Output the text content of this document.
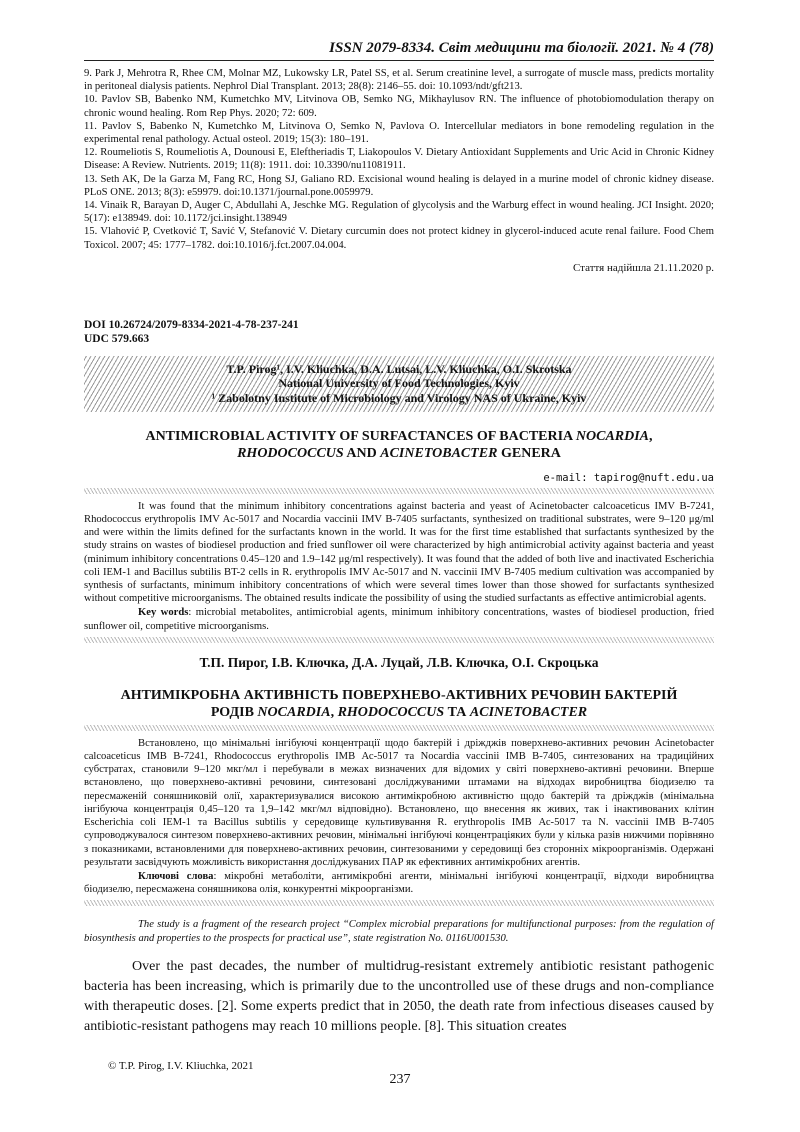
ISSN 2079-8334. Світ медицини та біології. 2021. № 4 (78)

9. Park J, Mehrotra R, Rhee CM, Molnar MZ, Lukowsky LR, Patel SS, et al. Serum creatinine level, a surrogate of muscle mass, predicts mortality in peritoneal dialysis patients. Nephrol Dial Transplant. 2013; 28(8): 2146–55. doi: 10.1093/ndt/gft213.

10. Pavlov SB, Babenko NM, Kumetchko MV, Litvinova OB, Semko NG, Mikhaylusov RN. The influence of photobiomodulation therapy on chronic wound healing. Rom Rep Phys. 2020; 72: 609.

11. Pavlov S, Babenko N, Kumetchko M, Litvinova O, Semko N, Pavlova O. Intercellular mediators in bone remodeling regulation in the experimental renal pathology. Actual osteol. 2019; 15(3): 180–191.

12. Roumeliotis S, Roumeliotis A, Dounousi E, Eleftheriadis T, Liakopoulos V. Dietary Antioxidant Supplements and Uric Acid in Chronic Kidney Disease: A Review. Nutrients. 2019; 11(8): 1911. doi: 10.3390/nu11081911.

13. Seth AK, De la Garza M, Fang RC, Hong SJ, Galiano RD. Excisional wound healing is delayed in a murine model of chronic kidney disease. PLoS ONE. 2013; 8(3): e59979. doi:10.1371/journal.pone.0059979.

14. Vinaik R, Barayan D, Auger C, Abdullahi A, Jeschke MG. Regulation of glycolysis and the Warburg effect in wound healing. JCI Insight. 2020; 5(17): e138949. doi: 10.1172/jci.insight.138949

15. Vlahović P, Cvetković T, Savić V, Stefanović V. Dietary curcumin does not protect kidney in glycerol-induced acute renal failure. Food Chem Toxicol. 2007; 45: 1777–1782. doi:10.1016/j.fct.2007.04.004.

Стаття надійшла 21.11.2020 р.
DOI 10.26724/2079-8334-2021-4-78-237-241
UDC 579.663
T.P. Pirog¹, I.V. Kliuchka, D.A. Lutsai, L.V. Kliuchka, O.I. Skrotska
National University of Food Technologies, Kyiv
¹ Zabolotny Institute of Microbiology and Virology NAS of Ukraine, Kyiv
ANTIMICROBIAL ACTIVITY OF SURFACTANCES OF BACTERIA NOCARDIA,
RHODOCOCCUS AND ACINETOBACTER GENERA
e-mail: tapirog@nuft.edu.ua

It was found that the minimum inhibitory concentrations against bacteria and yeast of Acinetobacter calcoaceticus IMV B-7241, Rhodococcus erythropolis IMV Ac-5017 and Nocardia vaccinii IMV B-7405 surfactants, synthesized on traditional substrates, were 9–120 μg/ml and were within the limits defined for the surfactants known in the world. It was for the first time established that surfactants synthesized by the study strains on wastes of biodiesel production and fried sunflower oil were characterized by high antimicrobial activity against bacteria and yeast (minimum inhibitory concentrations 0.45–120 and 1.9–142 μg/ml respectively). It was found that the added of both live and inactivated Escherichia coli IEM-1 and Bacillus subtilis BT-2 cells in R. erythropolis IMV Ac-5017 and N. vaccinii IMV B-7405 medium cultivation was accompanied by synthesis of surfactants, minimum inhibitory concentrations of which were several times lower than those showed for surfactants synthesized without competitive microorganisms. The obtained results indicate the possibility of using the studied surfactants as effective antimicrobial agents.

Key words: microbial metabolites, antimicrobial agents, minimum inhibitory concentrations, wastes of biodiesel production, fried sunflower oil, competitive microorganisms.

Т.П. Пирог, І.В. Ключка, Д.А. Луцай, Л.В. Ключка, О.І. Скроцька
АНТИМІКРОБНА АКТИВНІСТЬ ПОВЕРХНЕВО-АКТИВНИХ РЕЧОВИН БАКТЕРІЙ
РОДІВ NOCARDIA, RHODOCOCCUS ТА ACINETOBACTER

Встановлено, що мінімальні інгібуючі концентрації щодо бактерій і дріжджів поверхнево-активних речовин Acinetobacter calcoaceticus ІМВ В-7241, Rhodococcus erythropolis ІМВ Ас-5017 та Nocardia vaccinii ІМВ В-7405, синтезованих на традиційних субстратах, становили 9–120 мкг/мл і перебували в межах визначених для відомих у світі поверхнево-активні речовини. Вперше встановлено, що поверхнево-активні речовини, синтезовані досліджуваними штамами на відходах виробництва біодизелю та пересмаженій соняшниковій олії, характеризувалися високою антимікробною активністю щодо бактерій та дріжджів (мінімальна інгібуюча концентрація 0,45–120 та 1,9–142 мкг/мл відповідно). Встановлено, що внесення як живих, так і інактивованих клітин Escherichia coli IEM-1 та Bacillus subtilis у середовище культивування R. erythropolis ІМВ Ас-5017 та N. vaccinii ІМВ В-7405 супроводжувалося синтезом поверхнево-активних речовин, мінімальні інгібуючі концентраціяких були у кілька разів нижчими порівняно з показниками, встановленими для поверхнево-активних речовин, синтезованими у середовищі без сторонніх мікроорганізмів. Одержані результати засвідчують можливість використання досліджуваних ПАР як ефективних антимікробних агентів.

Ключові слова: мікробні метаболіти, антимікробні агенти, мінімальні інгібуючі концентрації, відходи виробництва біодизелю, пересмажена соняшникова олія, конкурентні мікроорганізми.

The study is a fragment of the research project “Complex microbial preparations for multifunctional purposes: from the regulation of biosynthesis and properties to the prospects for practical use”, state registration No. 0116U001530.
Over the past decades, the number of multidrug-resistant extremely antibiotic resistant pathogenic bacteria has been increasing, which is primarily due to the uncontrolled use of these drugs and non-compliance with therapeutic doses. [2]. Some experts predict that in 2050, the death rate from infectious diseases caused by antibiotic-resistant pathogens may reach 10 millions people. [8]. This situation creates
© T.P. Pirog, I.V. Kliuchka, 2021
237
